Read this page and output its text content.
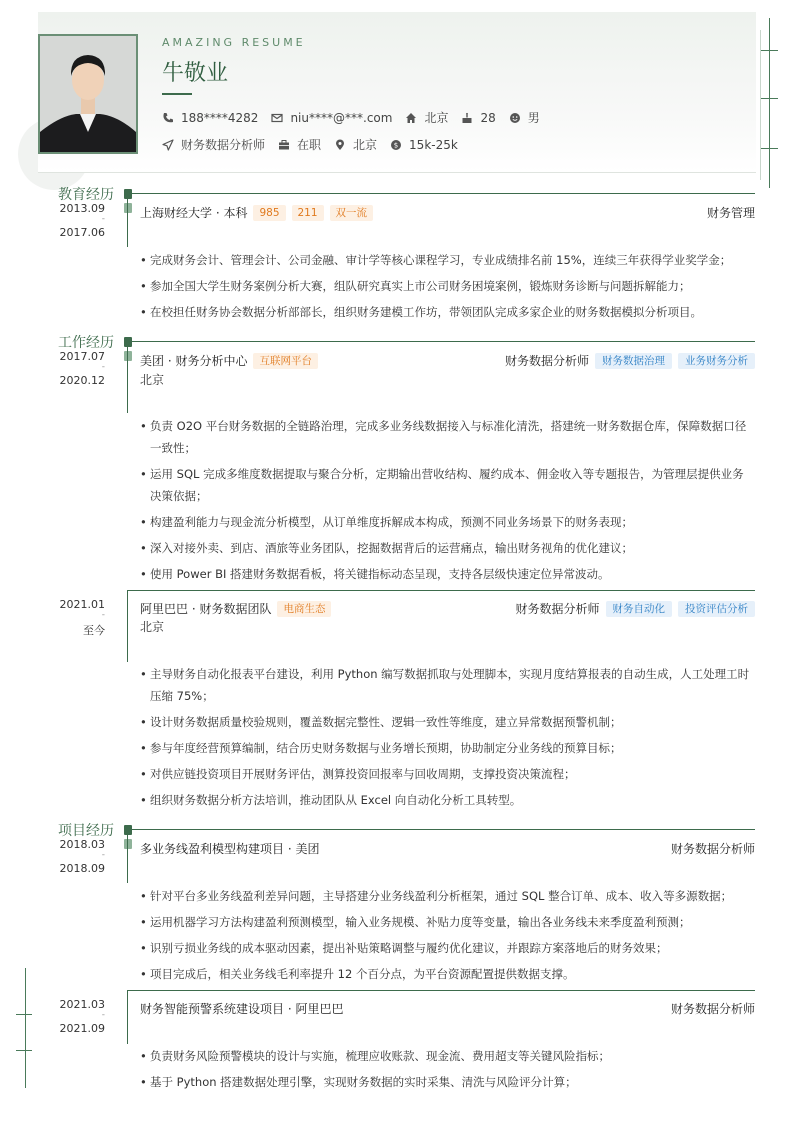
AMAZING RESUME
牛敬业
188****4282	niu****@***.com	北京	28	男
财务数据分析师	在职	北京 $ 15k-25k
教育经历
2013.09
-
2017.06
上海财经大学 · 本科	985	211	双一流	财务管理
• 完成财务会计、管理会计、公司金融、审计学等核心课程学习，专业成绩排名前 15%，连续三年获得学业奖学金；
• 参加全国大学生财务案例分析大赛，组队研究真实上市公司财务困境案例，锻炼财务诊断与问题拆解能力；
• 在校担任财务协会数据分析部部长，组织财务建模工作坊，带领团队完成多家企业的财务数据模拟分析项目。
工作经历
2017.07
-
2020.12
美团 · 财务分析中心	互联网平台	财务数据分析师	财务数据治理	业务财务分析
北京
• 负责 O2O 平台财务数据的全链路治理，完成多业务线数据接入与标准化清洗，搭建统一财务数据仓库，保障数据口径一致性；
• 运用 SQL 完成多维度数据提取与聚合分析，定期输出营收结构、履约成本、佣金收入等专题报告，为管理层提供业务决策依据；
• 构建盈利能力与现金流分析模型，从订单维度拆解成本构成，预测不同业务场景下的财务表现；
• 深入对接外卖、到店、酒旅等业务团队，挖掘数据背后的运营痛点，输出财务视角的优化建议；
• 使用 Power BI 搭建财务数据看板，将关键指标动态呈现，支持各层级快速定位异常波动。
2021.01
-
至今
阿里巴巴 · 财务数据团队	电商生态	财务数据分析师	财务自动化	投资评估分析
北京
• 主导财务自动化报表平台建设，利用 Python 编写数据抓取与处理脚本，实现月度结算报表的自动生成，人工处理工时压缩 75%；
• 设计财务数据质量校验规则，覆盖数据完整性、逻辑一致性等维度，建立异常数据预警机制；
• 参与年度经营预算编制，结合历史财务数据与业务增长预期，协助制定分业务线的预算目标；
• 对供应链投资项目开展财务评估，测算投资回报率与回收周期，支撑投资决策流程；
• 组织财务数据分析方法培训，推动团队从 Excel 向自动化分析工具转型。
项目经历
2018.03
-
2018.09
多业务线盈利模型构建项目 · 美团	财务数据分析师
• 针对平台多业务线盈利差异问题，主导搭建分业务线盈利分析框架，通过 SQL 整合订单、成本、收入等多源数据；
• 运用机器学习方法构建盈利预测模型，输入业务规模、补贴力度等变量，输出各业务线未来季度盈利预测；
• 识别亏损业务线的成本驱动因素，提出补贴策略调整与履约优化建议，并跟踪方案落地后的财务效果；
• 项目完成后，相关业务线毛利率提升 12 个百分点，为平台资源配置提供数据支撑。
2021.03
-
2021.09
财务智能预警系统建设项目 · 阿里巴巴	财务数据分析师
• 负责财务风险预警模块的设计与实施，梳理应收账款、现金流、费用超支等关键风险指标；
• 基于 Python 搭建数据处理引擎，实现财务数据的实时采集、清洗与风险评分计算；
